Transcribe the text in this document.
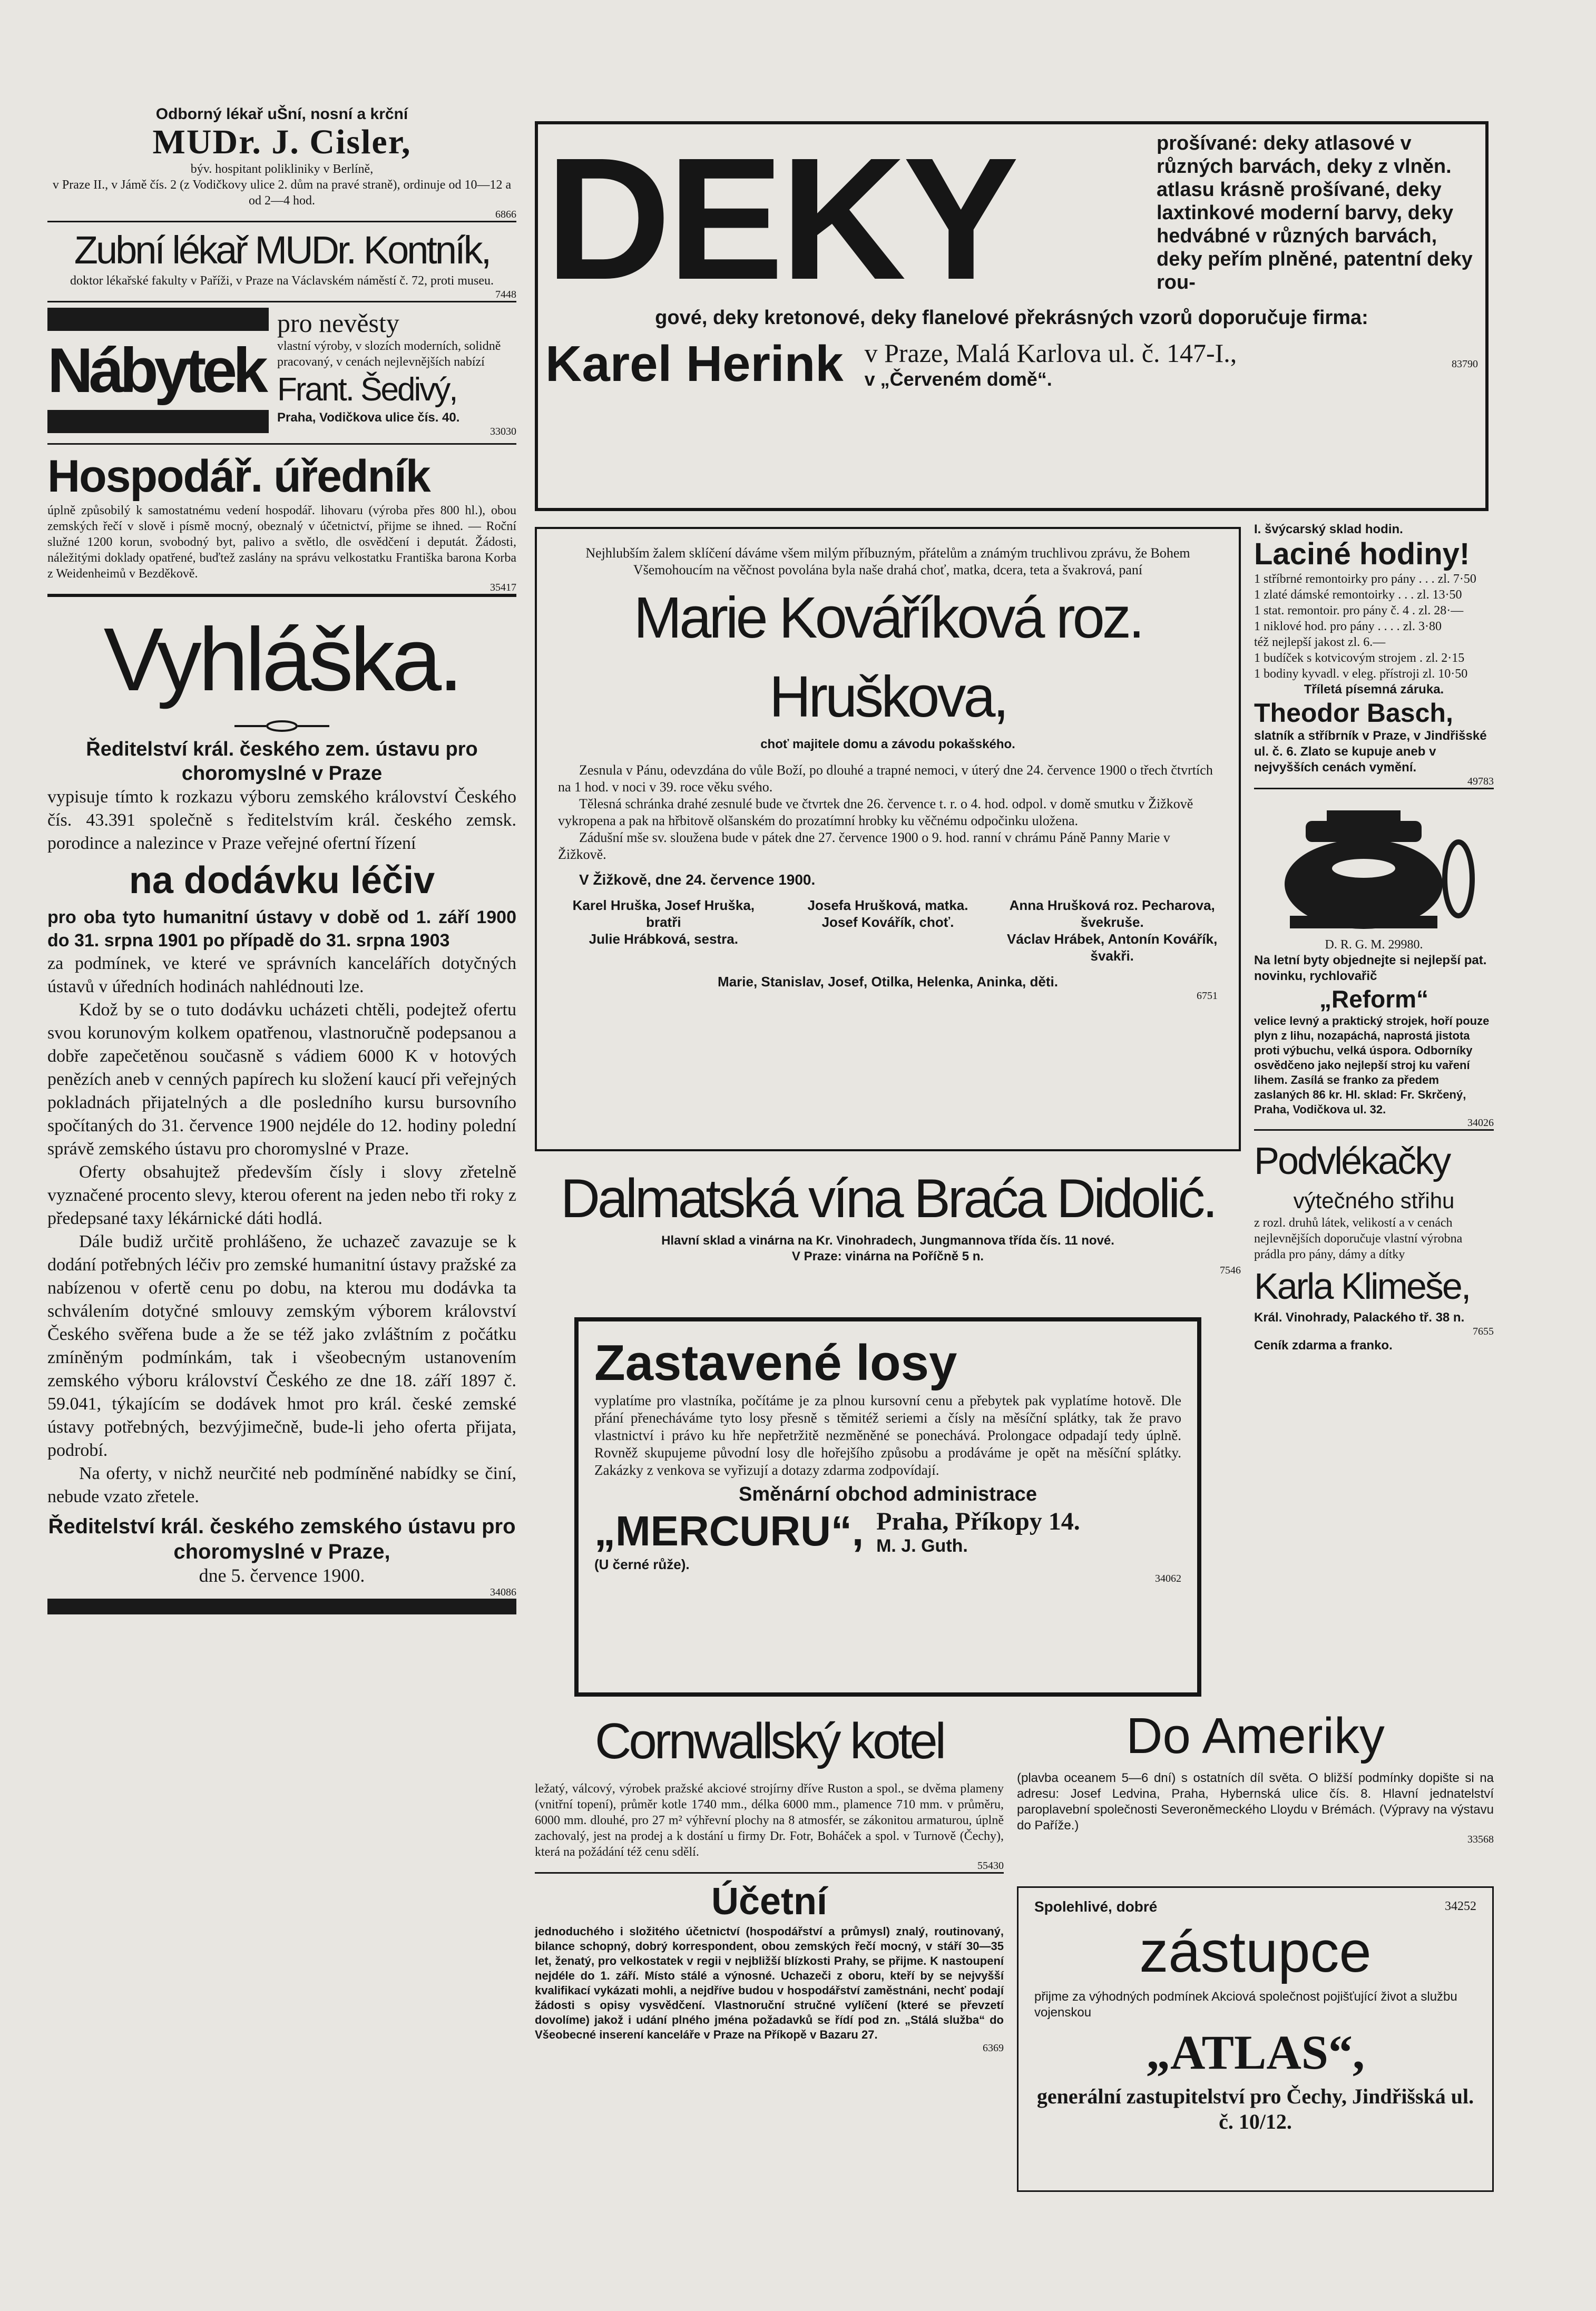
Odborný lékař uŠní, nosní a krční
MUDr. J. Cisler,
býv. hospitant polikliniky v Berlíně,
v Praze II., v Jámě čís. 2 (z Vodičkovy ulice 2. dům na pravé straně), ordinuje od 10—12 a od 2—4 hod.
6866
Zubní lékař MUDr. Kontník,
doktor lékařské fakulty v Paříži, v Praze na Václavském náměstí č. 72, proti museu.
7448
Nábytek
pro nevěsty
vlastní výroby, v slozích moderních, solidně pracovaný, v cenách nejlevnějších nabízí
Frant. Šedivý,
Praha, Vodičkova ulice čís. 40.
33030
Hospodář. úředník
úplně způsobilý k samostatnému vedení hospodář. lihovaru (výroba přes 800 hl.), obou zemských řečí v slově i písmě mocný, obeznalý v účetnictví, přijme se ihned. — Roční služné 1200 korun, svobodný byt, palivo a světlo, dle osvědčení i deputát. Žádosti, náležitými doklady opatřené, buďtež zaslány na správu velkostatku Františka barona Korba z Weidenheimů v Bezděkově.
35417
Vyhláška.
Ředitelství král. českého zem. ústavu pro choromyslné v Praze
vypisuje tímto k rozkazu výboru zemského království Českého čís. 43.391 společně s ředitelstvím král. českého zemsk. porodince a nalezince v Praze veřejné ofertní řízení
na dodávku léčiv
pro oba tyto humanitní ústavy v době od 1. září 1900 do 31. srpna 1901 po případě do 31. srpna 1903
za podmínek, ve které ve správních kancelářích dotyčných ústavů v úředních hodinách nahlédnouti lze.
Kdož by se o tuto dodávku ucházeti chtěli, podejtež ofertu svou korunovým kolkem opatřenou, vlastnoručně podepsanou a dobře zapečetěnou současně s vádiem 6000 K v hotových penězích aneb v cenných papírech ku složení kaucí při veřejných pokladnách přijatelných a dle posledního kursu bursovního spočítaných do 31. července 1900 nejdéle do 12. hodiny polední správě zemského ústavu pro choromyslné v Praze.
Oferty obsahujtež především čísly i slovy zřetelně vyznačené procento slevy, kterou oferent na jeden nebo tři roky z předepsané taxy lékárnické dáti hodlá.
Dále budiž určitě prohlášeno, že uchazeč zavazuje se k dodání potřebných léčiv pro zemské humanitní ústavy pražské za nabízenou v ofertě cenu po dobu, na kterou mu dodávka ta schválením dotyčné smlouvy zemským výborem království Českého svěřena bude a že se též jako zvláštním z počátku zmíněným podmínkám, tak i všeobecným ustanovením zemského výboru království Českého ze dne 18. září 1897 č. 59.041, týkajícím se dodávek hmot pro král. české zemské ústavy potřebných, bezvýjimečně, bude-li jeho oferta přijata, podrobí.
Na oferty, v nichž neurčité neb podmíněné nabídky se činí, nebude vzato zřetele.
Ředitelství král. českého zemského ústavu pro choromyslné v Praze,
dne 5. července 1900.
34086
DEKY	prošívané: deky atlasové v různých barvách, deky z vlněn. atlasu krásně prošívané, deky laxtinkové moderní barvy, deky hedvábné v různých barvách, deky peřím plněné, patentní deky rou-
gové, deky kretonové, deky flanelové překrásných vzorů doporučuje firma:
Karel Herink v Praze, Malá Karlova ul. č. 147-I.,
v „Červeném domě“.
83790
Nejhlubším žalem sklíčení dáváme všem milým příbuzným, přátelům a známým truchlivou zprávu, že Bohem Všemohoucím na věčnost povolána byla naše drahá choť, matka, dcera, teta a švakrová, paní
Marie Kováříková roz. Hruškova,
choť majitele domu a závodu pokašského.
Zesnula v Pánu, odevzdána do vůle Boží, po dlouhé a trapné nemoci, v úterý dne 24. července 1900 o třech čtvrtích na 1 hod. v noci v 39. roce věku svého.
Tělesná schránka drahé zesnulé bude ve čtvrtek dne 26. července t. r. o 4. hod. odpol. v domě smutku v Žižkově vykropena a pak na hřbitově olšanském do prozatímní hrobky ku věčnému odpočinku uložena.
Zádušní mše sv. sloužena bude v pátek dne 27. července 1900 o 9. hod. ranní v chrámu Páně Panny Marie v Žižkově.
V Žižkově, dne 24. července 1900.

Karel Hruška, Josef Hruška, bratři

Julie Hrábková, sestra.

Josefa Hrušková, matka.

Josef Kovářík, choť.

Anna Hrušková roz. Pecharova, švekruše.

Václav Hrábek, Antonín Kovářík, švakři.

Marie, Stanislav, Josef, Otilka, Helenka, Aninka, děti.
6751
Dalmatská vína Braća Didolić.
Hlavní sklad a vinárna na Kr. Vinohradech, Jungmannova třída čís. 11 nové.
V Praze: vinárna na Poříčně 5 n.
7546
Zastavené losy
vyplatíme pro vlastníka, počítáme je za plnou kursovní cenu a přebytek pak vyplatíme hotově. Dle přání přenecháváme tyto losy přesně s těmitéž seriemi a čísly na měsíční splátky, tak že pravo vlastnictví i právo ku hře nepřetržitě nezměněné se ponechává. Prolongace odpadají tedy úplně. Rovněž skupujeme původní losy dle hořejšího způsobu a prodáváme je opět na měsíční splátky. Zakázky z venkova se vyřizují a dotazy zdarma zodpovídají.
Směnární obchod administrace
„MERCURU“, Praha, Příkopy 14.
M. J. Guth.
(U černé růže).
34062
Cornwallský kotel
ležatý, válcový, výrobek pražské akciové strojírny dříve Ruston a spol., se dvěma plameny (vnitřní topení), průměr kotle 1740 mm., délka 6000 mm., plamence 710 mm. v průměru, 6000 mm. dlouhé, pro 27 m² výhřevní plochy na 8 atmosfér, se zákonitou armaturou, úplně zachovalý, jest na prodej a k dostání u firmy Dr. Fotr, Boháček a spol. v Turnově (Čechy), která na požádání též cenu sdělí.
55430
Účetní
jednoduchého i složitého účetnictví (hospodářství a průmysl) znalý, routinovaný, bilance schopný, dobrý korrespondent, obou zemských řečí mocný, v stáří 30—35 let, ženatý, pro velkostatek v regii v nejbližší blízkosti Prahy, se přijme. K nastoupení nejdéle do 1. září. Místo stálé a výnosné. Uchazeči z oboru, kteří by se nejvyšší kvalifikací vykázati mohli, a nejdříve budou v hospodářství zaměstnáni, nechť podají žádosti s opisy vysvědčení. Vlastnoruční stručné vylíčení (které se převzetí dovolíme) jakož i udání plného jména požadavků se řídí pod zn. „Stálá služba“ do Všeobecné inserení kanceláře v Praze na Příkopě v Bazaru 27.
6369
I. švýcarský sklad hodin.
Laciné hodiny!
1 stříbrné remontoirky pro pány . . . zl. 7·50
1 zlaté dámské remontoirky . . . zl. 13·50
1 stat. remontoir. pro pány č. 4 . zl. 28·—
1 niklové hod. pro pány . . . . zl. 3·80
též nejlepší jakost zl. 6.—
1 budíček s kotvicovým strojem . zl. 2·15
1 bodiny kyvadl. v eleg. přístroji zl. 10·50
Tříletá písemná záruka.
Theodor Basch,
slatník a stříbrník v Praze, v Jindřišské ul. č. 6. Zlato se kupuje aneb v nejvyšších cenách vymění.
49783
D. R. G. M. 29980.
Na letní byty objednejte si nejlepší pat. novinku, rychlovařič
„Reform“
velice levný a praktický strojek, hoří pouze plyn z lihu, nozapáchá, naprostá jistota proti výbuchu, velká úspora. Odborníky osvědčeno jako nejlepší stroj ku vaření lihem. Zasílá se franko za předem zaslaných 86 kr. Hl. sklad: Fr. Skrčený, Praha, Vodičkova ul. 32.
34026
Podvlékačky
výtečného střihu
z rozl. druhů látek, velikostí a v cenách nejlevnějších doporučuje vlastní výrobna prádla pro pány, dámy a dítky
Karla Klimeše,
Král. Vinohrady, Palackého tř. 38 n.
7655
Ceník zdarma a franko.
Do Ameriky
(plavba oceanem 5—6 dní) s ostatních díl světa. O bližší podmínky dopište si na adresu: Josef Ledvina, Praha, Hybernská ulice čís. 8. Hlavní jednatelství paroplavební společnosti Severoněmeckého Lloydu v Brémách. (Výpravy na výstavu do Paříže.)
33568
Spolehlivé, dobré	34252
zástupce
přijme za výhodných podmínek Akciová společnost pojišťující život a službu vojenskou
„ATLAS“,
generální zastupitelství pro Čechy, Jindřišská ul. č. 10/12.
